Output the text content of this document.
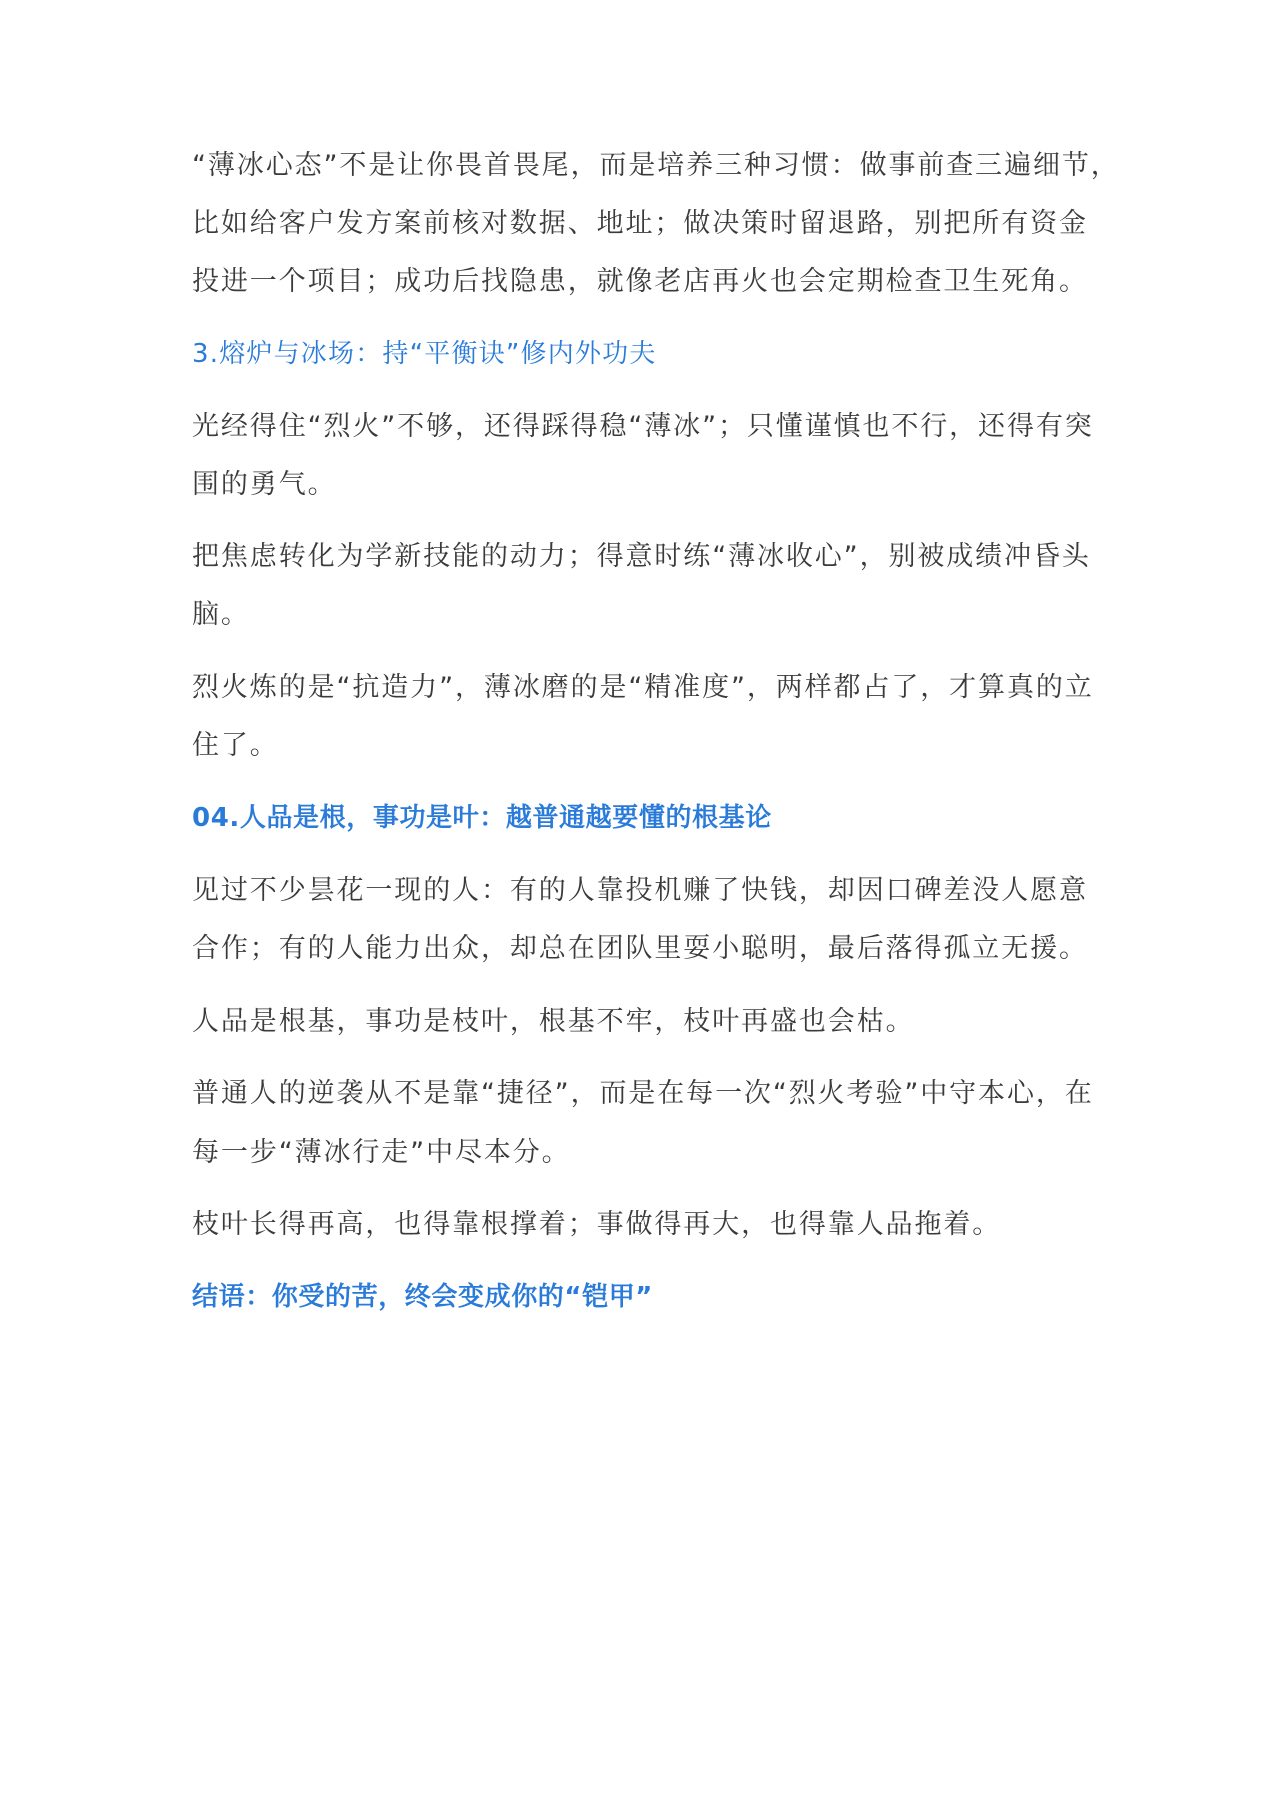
“薄冰心态”不是让你畏首畏尾，而是培养三种习惯：做事前查三遍细节，
比如给客户发方案前核对数据、地址；做决策时留退路，别把所有资金
投进一个项目；成功后找隐患，就像老店再火也会定期检查卫生死角。
3.熔炉与冰场：持“平衡诀”修内外功夫
光经得住“烈火”不够，还得踩得稳“薄冰”；只懂谨慎也不行，还得有突
围的勇气。
把焦虑转化为学新技能的动力；得意时练“薄冰收心”，别被成绩冲昏头
脑。
烈火炼的是“抗造力”，薄冰磨的是“精准度”，两样都占了，才算真的立
住了。
04.人品是根，事功是叶：越普通越要懂的根基论
见过不少昙花一现的人：有的人靠投机赚了快钱，却因口碑差没人愿意
合作；有的人能力出众，却总在团队里耍小聪明，最后落得孤立无援。
人品是根基，事功是枝叶，根基不牢，枝叶再盛也会枯。
普通人的逆袭从不是靠“捷径”，而是在每一次“烈火考验”中守本心，在
每一步“薄冰行走”中尽本分。
枝叶长得再高，也得靠根撑着；事做得再大，也得靠人品拖着。
结语：你受的苦，终会变成你的“铠甲”
